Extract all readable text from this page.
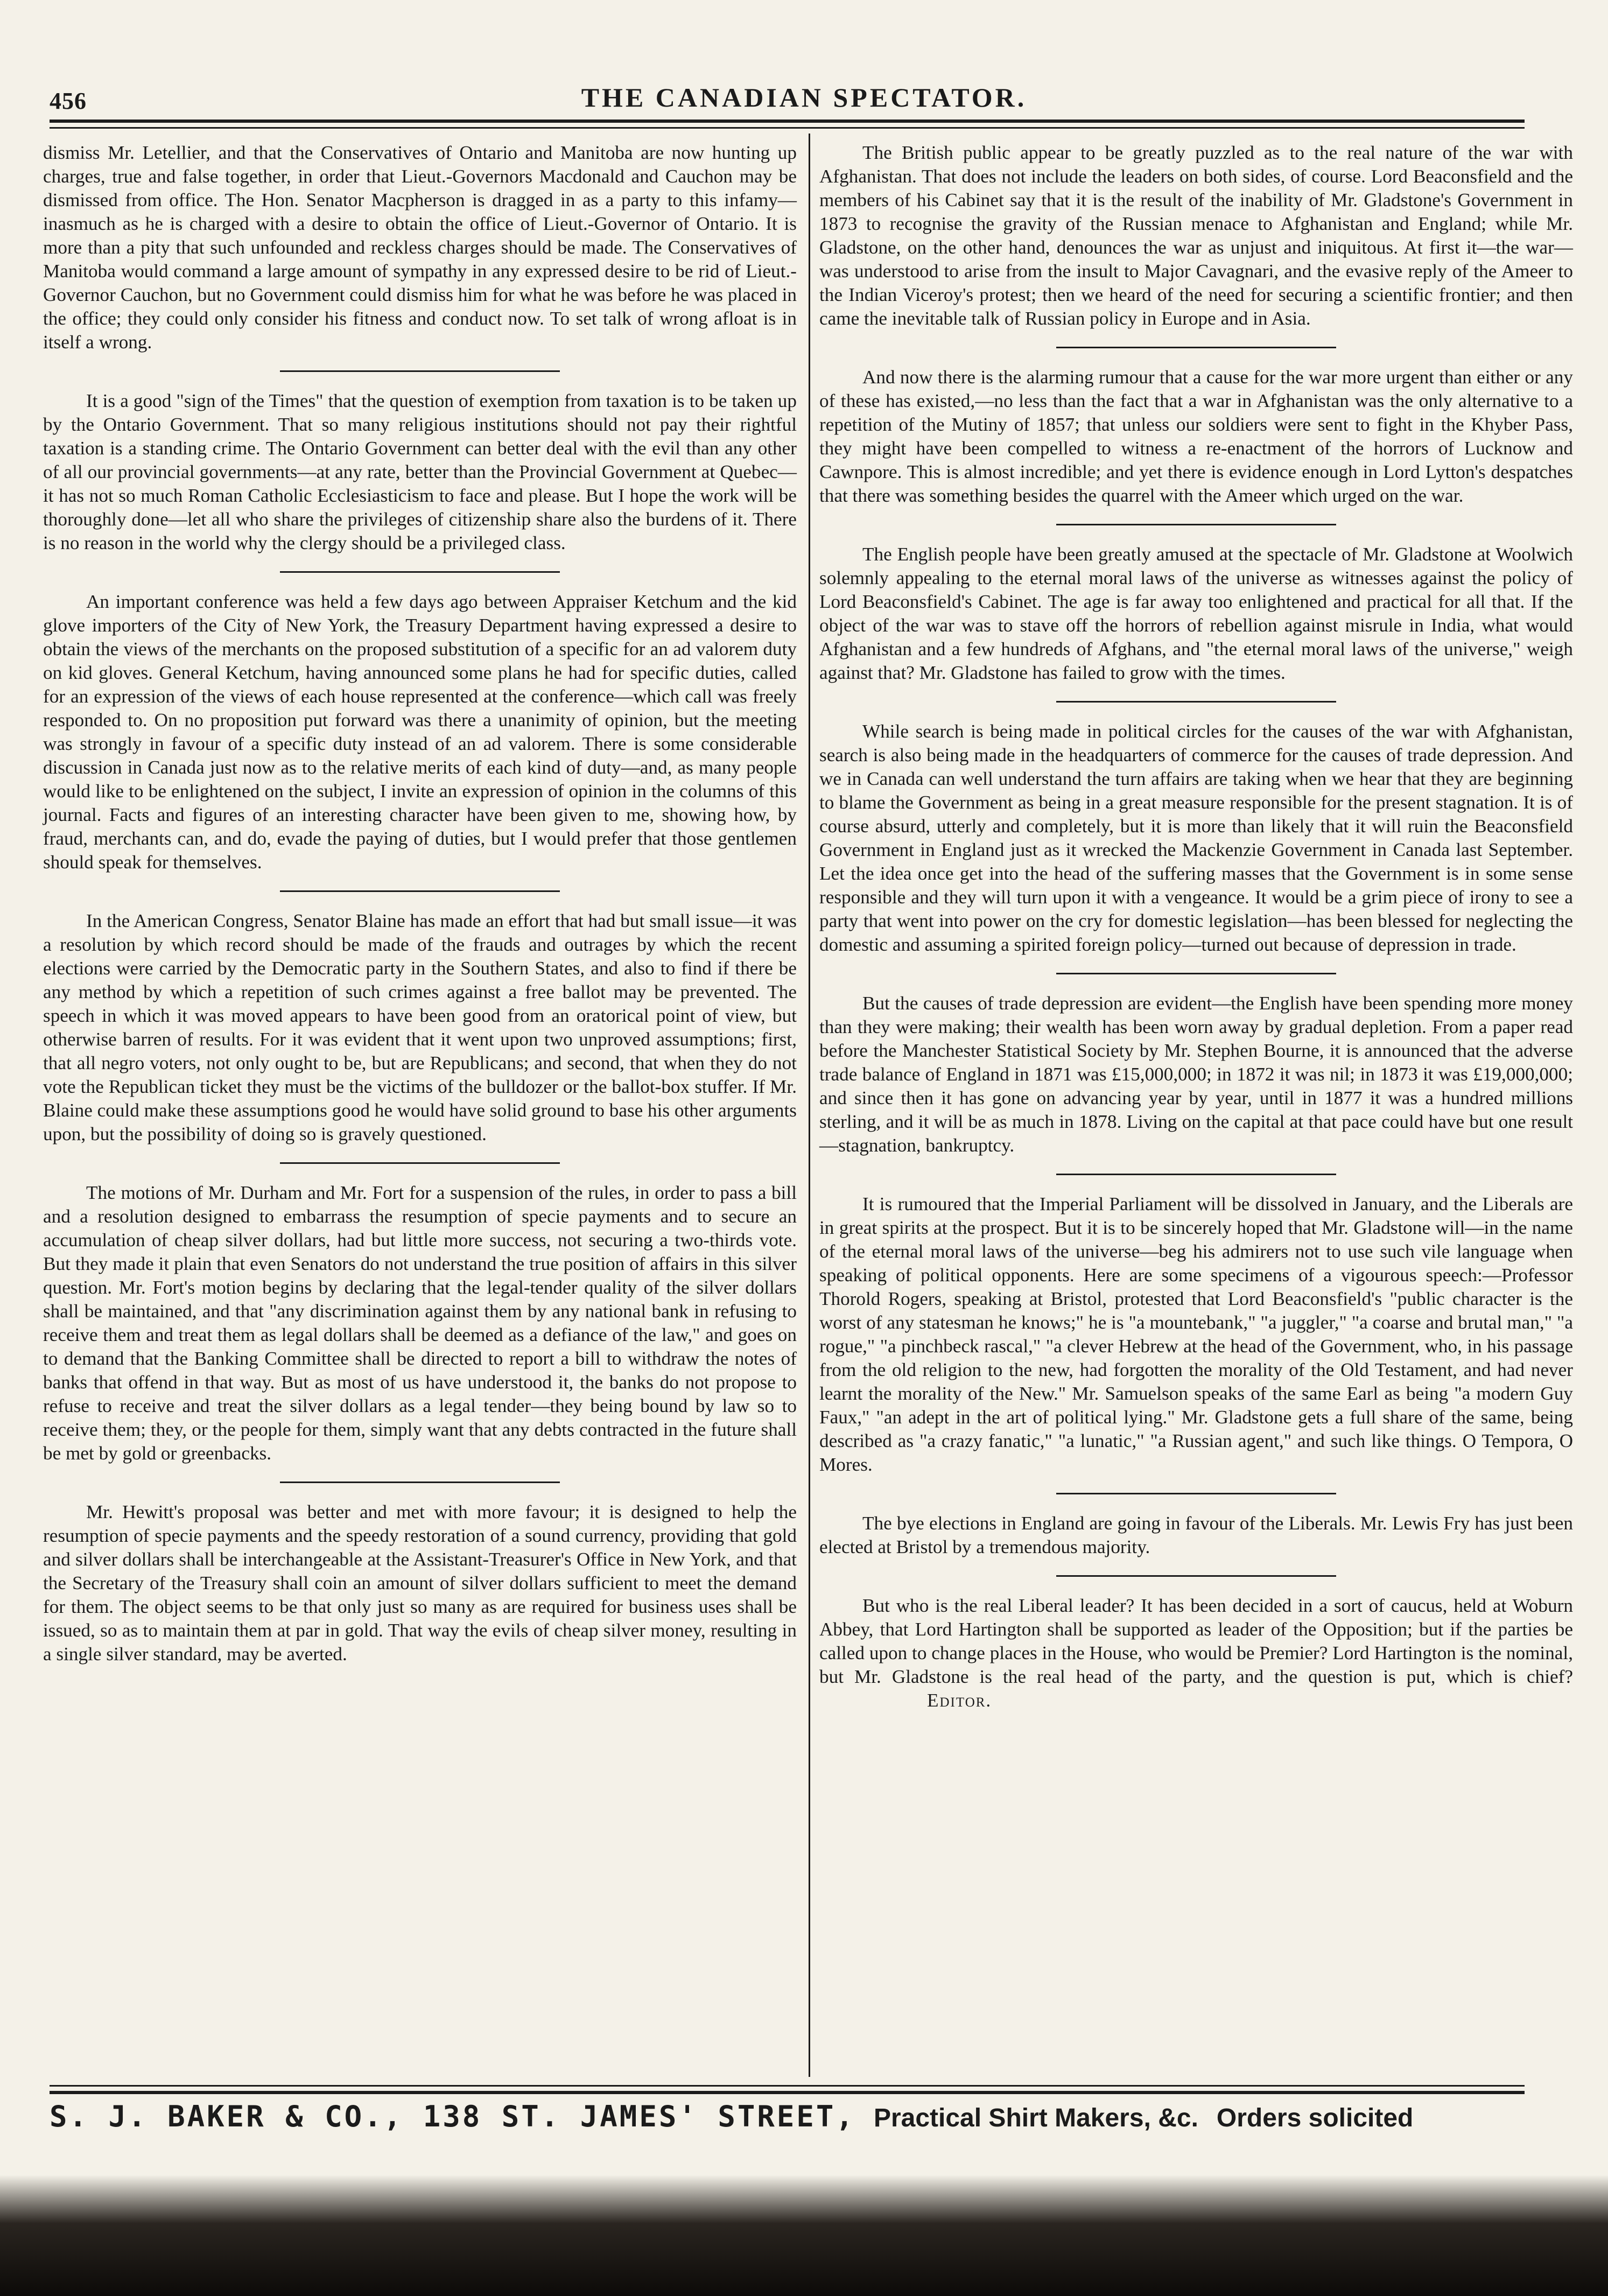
456	THE CANADIAN SPECTATOR.

dismiss Mr. Letellier, and that the Conservatives of Ontario and Manitoba are now hunting up charges, true and false together, in order that Lieut.-Governors Macdonald and Cauchon may be dismissed from office. The Hon. Senator Macpherson is dragged in as a party to this infamy—inasmuch as he is charged with a desire to obtain the office of Lieut.-Governor of Ontario. It is more than a pity that such unfounded and reckless charges should be made. The Conservatives of Manitoba would command a large amount of sympathy in any expressed desire to be rid of Lieut.-Governor Cauchon, but no Government could dismiss him for what he was before he was placed in the office; they could only consider his fitness and conduct now. To set talk of wrong afloat is in itself a wrong.

It is a good "sign of the Times" that the question of exemption from taxation is to be taken up by the Ontario Government. That so many religious institutions should not pay their rightful taxation is a standing crime. The Ontario Government can better deal with the evil than any other of all our provincial governments—at any rate, better than the Provincial Government at Quebec—it has not so much Roman Catholic Ecclesiasticism to face and please. But I hope the work will be thoroughly done—let all who share the privileges of citizenship share also the burdens of it. There is no reason in the world why the clergy should be a privileged class.

An important conference was held a few days ago between Appraiser Ketchum and the kid glove importers of the City of New York, the Treasury Department having expressed a desire to obtain the views of the merchants on the proposed substitution of a specific for an ad valorem duty on kid gloves. General Ketchum, having announced some plans he had for specific duties, called for an expression of the views of each house represented at the conference—which call was freely responded to. On no proposition put forward was there a unanimity of opinion, but the meeting was strongly in favour of a specific duty instead of an ad valorem. There is some considerable discussion in Canada just now as to the relative merits of each kind of duty—and, as many people would like to be enlightened on the subject, I invite an expression of opinion in the columns of this journal. Facts and figures of an interesting character have been given to me, showing how, by fraud, merchants can, and do, evade the paying of duties, but I would prefer that those gentlemen should speak for themselves.

In the American Congress, Senator Blaine has made an effort that had but small issue—it was a resolution by which record should be made of the frauds and outrages by which the recent elections were carried by the Democratic party in the Southern States, and also to find if there be any method by which a repetition of such crimes against a free ballot may be prevented. The speech in which it was moved appears to have been good from an oratorical point of view, but otherwise barren of results. For it was evident that it went upon two unproved assumptions; first, that all negro voters, not only ought to be, but are Republicans; and second, that when they do not vote the Republican ticket they must be the victims of the bulldozer or the ballot-box stuffer. If Mr. Blaine could make these assumptions good he would have solid ground to base his other arguments upon, but the possibility of doing so is gravely questioned.

The motions of Mr. Durham and Mr. Fort for a suspension of the rules, in order to pass a bill and a resolution designed to embarrass the resumption of specie payments and to secure an accumulation of cheap silver dollars, had but little more success, not securing a two-thirds vote. But they made it plain that even Senators do not understand the true position of affairs in this silver question. Mr. Fort's motion begins by declaring that the legal-tender quality of the silver dollars shall be maintained, and that "any discrimination against them by any national bank in refusing to receive them and treat them as legal dollars shall be deemed as a defiance of the law," and goes on to demand that the Banking Committee shall be directed to report a bill to withdraw the notes of banks that offend in that way. But as most of us have understood it, the banks do not propose to refuse to receive and treat the silver dollars as a legal tender—they being bound by law so to receive them; they, or the people for them, simply want that any debts contracted in the future shall be met by gold or greenbacks.

Mr. Hewitt's proposal was better and met with more favour; it is designed to help the resumption of specie payments and the speedy restoration of a sound currency, providing that gold and silver dollars shall be interchangeable at the Assistant-Treasurer's Office in New York, and that the Secretary of the Treasury shall coin an amount of silver dollars sufficient to meet the demand for them. The object seems to be that only just so many as are required for business uses shall be issued, so as to maintain them at par in gold. That way the evils of cheap silver money, resulting in a single silver standard, may be averted.

The British public appear to be greatly puzzled as to the real nature of the war with Afghanistan. That does not include the leaders on both sides, of course. Lord Beaconsfield and the members of his Cabinet say that it is the result of the inability of Mr. Gladstone's Government in 1873 to recognise the gravity of the Russian menace to Afghanistan and England; while Mr. Gladstone, on the other hand, denounces the war as unjust and iniquitous. At first it—the war—was understood to arise from the insult to Major Cavagnari, and the evasive reply of the Ameer to the Indian Viceroy's protest; then we heard of the need for securing a scientific frontier; and then came the inevitable talk of Russian policy in Europe and in Asia.

And now there is the alarming rumour that a cause for the war more urgent than either or any of these has existed,—no less than the fact that a war in Afghanistan was the only alternative to a repetition of the Mutiny of 1857; that unless our soldiers were sent to fight in the Khyber Pass, they might have been compelled to witness a re-enactment of the horrors of Lucknow and Cawnpore. This is almost incredible; and yet there is evidence enough in Lord Lytton's despatches that there was something besides the quarrel with the Ameer which urged on the war.

The English people have been greatly amused at the spectacle of Mr. Gladstone at Woolwich solemnly appealing to the eternal moral laws of the universe as witnesses against the policy of Lord Beaconsfield's Cabinet. The age is far away too enlightened and practical for all that. If the object of the war was to stave off the horrors of rebellion against misrule in India, what would Afghanistan and a few hundreds of Afghans, and "the eternal moral laws of the universe," weigh against that? Mr. Gladstone has failed to grow with the times.

While search is being made in political circles for the causes of the war with Afghanistan, search is also being made in the headquarters of commerce for the causes of trade depression. And we in Canada can well understand the turn affairs are taking when we hear that they are beginning to blame the Government as being in a great measure responsible for the present stagnation. It is of course absurd, utterly and completely, but it is more than likely that it will ruin the Beaconsfield Government in England just as it wrecked the Mackenzie Government in Canada last September. Let the idea once get into the head of the suffering masses that the Government is in some sense responsible and they will turn upon it with a vengeance. It would be a grim piece of irony to see a party that went into power on the cry for domestic legislation—has been blessed for neglecting the domestic and assuming a spirited foreign policy—turned out because of depression in trade.

But the causes of trade depression are evident—the English have been spending more money than they were making; their wealth has been worn away by gradual depletion. From a paper read before the Manchester Statistical Society by Mr. Stephen Bourne, it is announced that the adverse trade balance of England in 1871 was £15,000,000; in 1872 it was nil; in 1873 it was £19,000,000; and since then it has gone on advancing year by year, until in 1877 it was a hundred millions sterling, and it will be as much in 1878. Living on the capital at that pace could have but one result—stagnation, bankruptcy.

It is rumoured that the Imperial Parliament will be dissolved in January, and the Liberals are in great spirits at the prospect. But it is to be sincerely hoped that Mr. Gladstone will—in the name of the eternal moral laws of the universe—beg his admirers not to use such vile language when speaking of political opponents. Here are some specimens of a vigourous speech:—Professor Thorold Rogers, speaking at Bristol, protested that Lord Beaconsfield's "public character is the worst of any statesman he knows;" he is "a mountebank," "a juggler," "a coarse and brutal man," "a rogue," "a pinchbeck rascal," "a clever Hebrew at the head of the Government, who, in his passage from the old religion to the new, had forgotten the morality of the Old Testament, and had never learnt the morality of the New." Mr. Samuelson speaks of the same Earl as being "a modern Guy Faux," "an adept in the art of political lying." Mr. Gladstone gets a full share of the same, being described as "a crazy fanatic," "a lunatic," "a Russian agent," and such like things. O Tempora, O Mores.

The bye elections in England are going in favour of the Liberals. Mr. Lewis Fry has just been elected at Bristol by a tremendous majority.

But who is the real Liberal leader? It has been decided in a sort of caucus, held at Woburn Abbey, that Lord Hartington shall be supported as leader of the Opposition; but if the parties be called upon to change places in the House, who would be Premier? Lord Hartington is the nominal, but Mr. Gladstone is the real head of the party, and the question is put, which is chief?Editor.

S. J. BAKER & CO., 138 ST. JAMES' STREET, Practical Shirt Makers, &c. Orders solicited
